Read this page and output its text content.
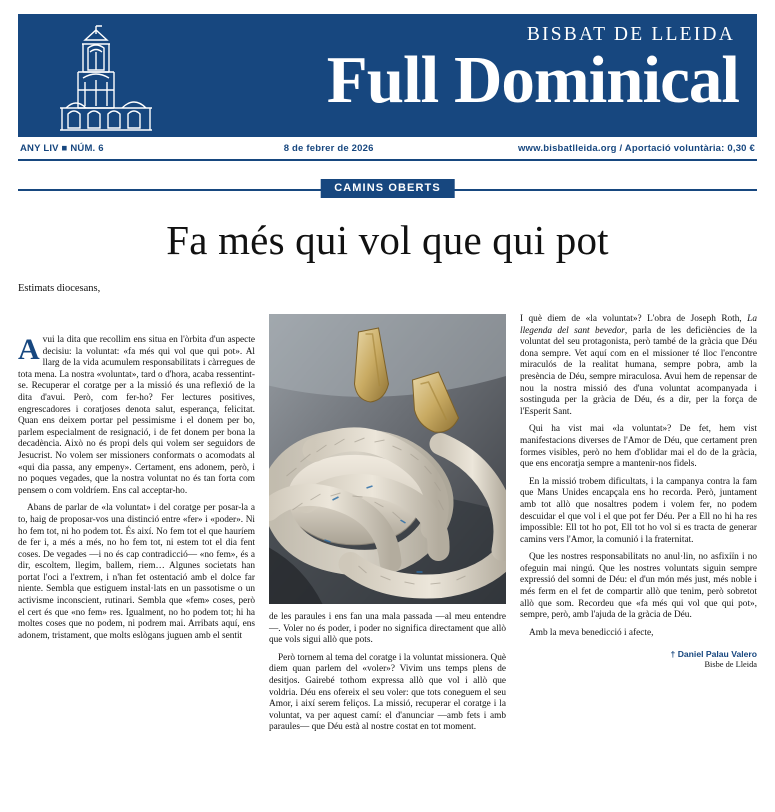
BISBAT DE LLEIDA
Full Dominical
ANY LIV ■ NÚM. 6	8 de febrer de 2026	www.bisbatlleida.org / Aportació voluntària: 0,30 €
CAMINS OBERTS
Fa més qui vol que qui pot
Estimats diocesans,

Avui la dita que recollim ens situa en l'òrbita d'un aspecte decisiu: la voluntat: «fa més qui vol que qui pot». Al llarg de la vida acumulem responsabilitats i càrregues de tota mena. La nostra «voluntat», tard o d'hora, acaba ressentint-se. Recuperar el coratge per a la missió és una reflexió de la dita d'avui. Però, com fer-ho? Fer lectures positives, engrescadores i coratjoses denota salut, esperança, felicitat. Quan ens deixem portar pel pessimisme i el donem per bo, parlem especialment de resignació, i de fet donem per bona la decadència. Això no és propi dels qui volem ser seguidors de Jesucrist. No volem ser missioners conformats o acomodats al «qui dia passa, any empeny». Certament, ens adonem, però, i no poques vegades, que la nostra voluntat no és tan forta com pensem o com voldríem. Ens cal acceptar-ho.

Abans de parlar de «la voluntat» i del coratge per posar-la a to, haig de proposar-vos una distinció entre «fer» i «poder». Ni ho fem tot, ni ho podem tot. És així. No fem tot el que hauríem de fer i, a més a més, no ho fem tot, ni estem tot el dia fent coses. De vegades —i no és cap contradicció— «no fem», és a dir, escoltem, llegim, ballem, riem… Algunes societats han portat l'oci a l'extrem, i n'han fet ostentació amb el dolce far niente. Sembla que estiguem instal·lats en un passotisme o un activisme inconscient, rutinari. Sembla que «fem» coses, però el cert és que «no fem» res. Igualment, no ho podem tot; hi ha moltes coses que no podem, ni podrem mai. Arribats aquí, ens adonem, tristament, que molts eslògans juguen amb el sentit

de les paraules i ens fan una mala passada —al meu entendre—. Voler no és poder, i poder no significa directament que allò que vols sigui allò que pots.

Però tornem al tema del coratge i la voluntat missionera. Què diem quan parlem del «voler»? Vivim uns temps plens de desitjos. Gairebé tothom expressa allò que vol i allò que voldria. Déu ens ofereix el seu voler: que tots coneguem el seu Amor, i així serem feliços. La missió, recuperar el coratge i la voluntat, va per aquest camí: el d'anunciar —amb fets i amb paraules— que Déu està al nostre costat en tot moment.

I què diem de «la voluntat»? L'obra de Joseph Roth, La llegenda del sant bevedor, parla de les deficiències de la voluntat del seu protagonista, però també de la gràcia que Déu dona sempre. Vet aquí com en el missioner té lloc l'encontre miraculós de la realitat humana, sempre pobra, amb la presència de Déu, sempre miraculosa. Avui hem de repensar de nou la nostra missió des d'una voluntat acompanyada i sostinguda per la gràcia de Déu, és a dir, per la força de l'Esperit Sant.

Qui ha vist mai «la voluntat»? De fet, hem vist manifestacions diverses de l'Amor de Déu, que certament pren formes visibles, però no hem d'oblidar mai el do de la gràcia, que ens encoratja sempre a mantenir-nos fidels.

En la missió trobem dificultats, i la campanya contra la fam que Mans Unides encapçala ens ho recorda. Però, juntament amb tot allò que nosaltres podem i volem fer, no podem descuidar el que vol i el que pot fer Déu. Per a Ell no hi ha res impossible: Ell tot ho pot, Ell tot ho vol si es tracta de generar camins vers l'Amor, la comunió i la fraternitat.

Que les nostres responsabilitats no anul·lin, no asfixiïn i no ofeguin mai ningú. Que les nostres voluntats siguin sempre expressió del somni de Déu: el d'un món més just, més noble i més ferm en el fet de compartir allò que tenim, però sobretot allò que som. Recordeu que «fa més qui vol que qui pot», sempre, però, amb l'ajuda de la gràcia de Déu.

Amb la meva benedicció i afecte,

† Daniel Palau Valero
Bisbe de Lleida
